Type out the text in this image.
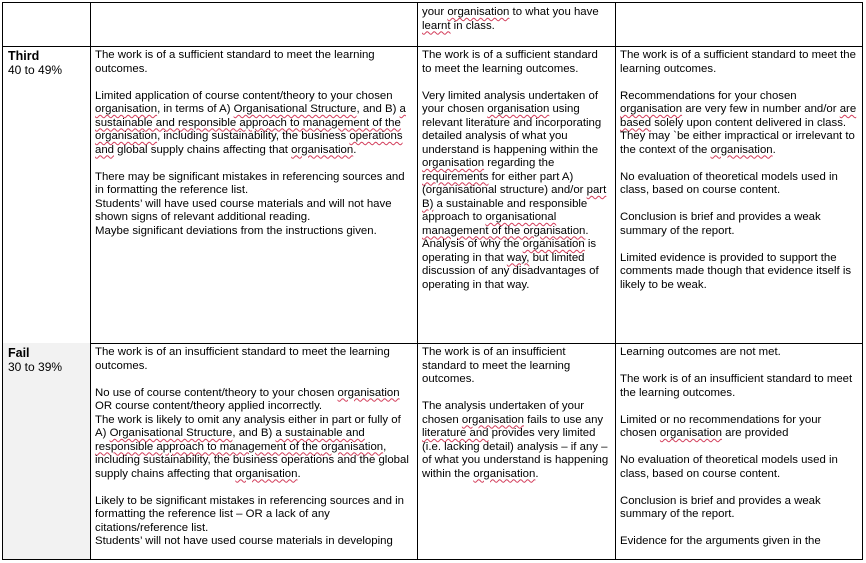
your organisation to what you have learnt in class.
Third
40 to 49%

The work is of a sufficient standard to meet the learning outcomes.

Limited application of course content/theory to your chosen organisation, in terms of A) Organisational Structure, and B) a sustainable and responsible approach to management of the organisation, including sustainability, the business operations and global supply chains affecting that organisation.

There may be significant mistakes in referencing sources and in formatting the reference list.

Students’ will have used course materials and will not have shown signs of relevant additional reading.

Maybe significant deviations from the instructions given.

The work is of a sufficient standard to meet the learning outcomes.

Very limited analysis undertaken of your chosen organisation using relevant literature and incorporating detailed analysis of what you understand is happening within the organisation regarding the requirements for either part A) (organisational structure) and/or part B) a sustainable and responsible approach to organisational management of the organisation. Analysis of why the organisation is operating in that way, but limited discussion of any disadvantages of operating in that way.

The work is of a sufficient standard to meet the learning outcomes.

Recommendations for your chosen organisation are very few in number and/or are based solely upon content delivered in class. They may `be either impractical or irrelevant to the context of the organisation.

No evaluation of theoretical models used in class, based on course content.

Conclusion is brief and provides a weak summary of the report.

Limited evidence is provided to support the comments made though that evidence itself is likely to be weak.

Fail
30 to 39%

The work is of an insufficient standard to meet the learning outcomes.

No use of course content/theory to your chosen organisation OR course content/theory applied incorrectly.

The work is likely to omit any analysis either in part or fully of A) Organisational Structure, and B) a sustainable and responsible approach to management of the organisation, including sustainability, the business operations and the global supply chains affecting that organisation.

Likely to be significant mistakes in referencing sources and in formatting the reference list – OR a lack of any citations/reference list.

Students’ will not have used course materials in developing

The work is of an insufficient standard to meet the learning outcomes.

The analysis undertaken of your chosen organisation fails to use any literature and provides very limited (i.e. lacking detail) analysis – if any – of what you understand is happening within the organisation.

Learning outcomes are not met.

The work is of an insufficient standard to meet the learning outcomes.

Limited or no recommendations for your chosen organisation are provided

No evaluation of theoretical models used in class, based on course content.

Conclusion is brief and provides a weak summary of the report.

Evidence for the arguments given in the
